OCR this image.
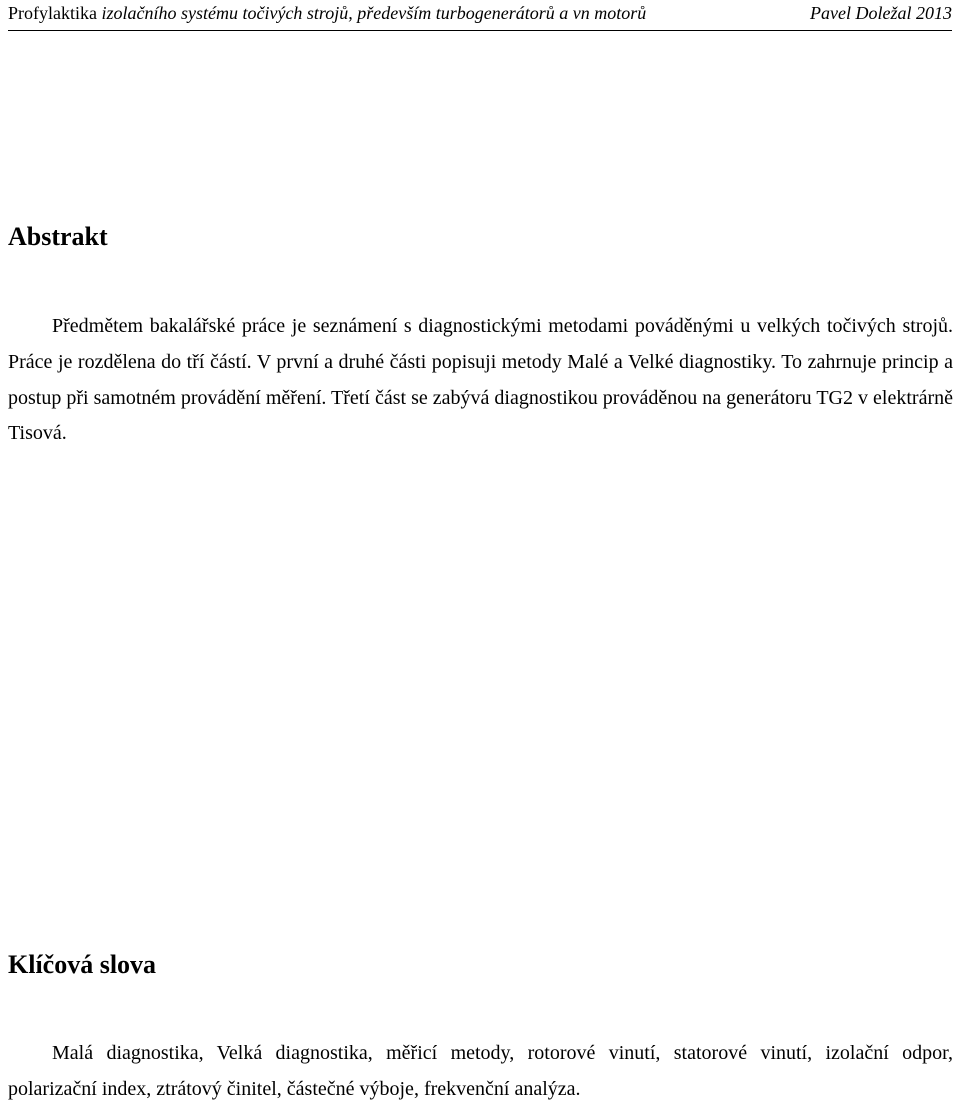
Profylaktika izolačního systému točivých strojů, především turbogenerátorů a vn motorů	Pavel Doležal 2013
Abstrakt

Předmětem bakalářské práce je seznámení s diagnostickými metodami pováděnými u velkých točivých strojů. Práce je rozdělena do tří částí. V první a druhé části popisuji metody Malé a Velké diagnostiky. To zahrnuje princip a postup při samotném provádění měření. Třetí část se zabývá diagnostikou prováděnou na generátoru TG2 v elektrárně Tisová.

Klíčová slova

Malá diagnostika, Velká diagnostika, měřicí metody, rotorové vinutí, statorové vinutí, izolační odpor, polarizační index, ztrátový činitel, částečné výboje, frekvenční analýza.
